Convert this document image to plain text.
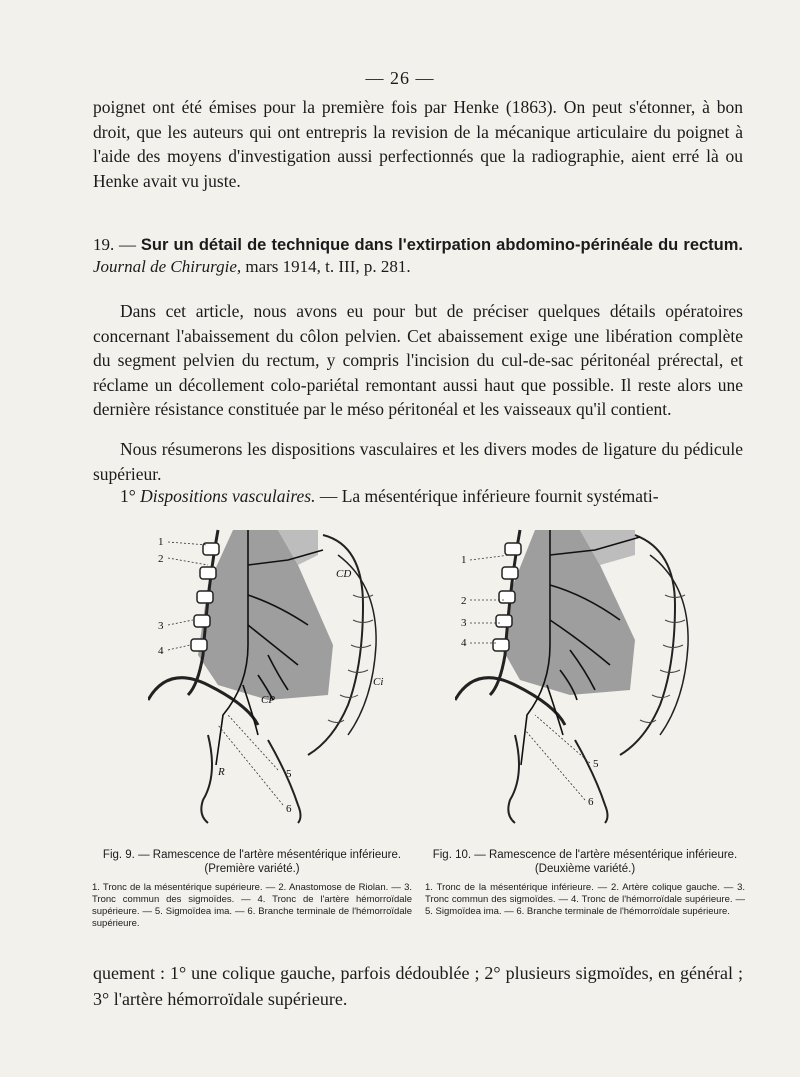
— 26 —

poignet ont été émises pour la première fois par Henke (1863). On peut s'étonner, à bon droit, que les auteurs qui ont entrepris la revision de la mécanique articulaire du poignet à l'aide des moyens d'investigation aussi perfectionnés que la radiographie, aient erré là ou Henke avait vu juste.

19. — Sur un détail de technique dans l'extirpation abdomino-périnéale du rectum. Journal de Chirurgie, mars 1914, t. III, p. 281.

Dans cet article, nous avons eu pour but de préciser quelques détails opératoires concernant l'abaissement du côlon pelvien. Cet abaissement exige une libération complète du segment pelvien du rectum, y compris l'incision du cul-de-sac péritonéal prérectal, et réclame un décollement colo-pariétal remontant aussi haut que possible. Il reste alors une dernière résistance constituée par le méso péritonéal et les vaisseaux qu'il contient.

Nous résumerons les dispositions vasculaires et les divers modes de ligature du pédicule supérieur.

1° Dispositions vasculaires. — La mésentérique inférieure fournit systémati-

1
2
3
4
5
6
CD
Ci
CP
R
1
2
3
4
5
6

Fig. 9. — Ramescence de l'artère mésentérique inférieure. (Première variété.)

1. Tronc de la mésentérique supérieure. — 2. Anastomose de Riolan. — 3. Tronc commun des sigmoïdes. — 4. Tronc de l'artère hémorroïdale supérieure. — 5. Sigmoïdea ima. — 6. Branche terminale de l'hémorroïdale supérieure.

Fig. 10. — Ramescence de l'artère mésentérique inférieure. (Deuxième variété.)

1. Tronc de la mésentérique inférieure. — 2. Artère colique gauche. — 3. Tronc commun des sigmoïdes. — 4. Tronc de l'hémorroïdale supérieure. — 5. Sigmoïdea ima. — 6. Branche terminale de l'hémorroïdale supérieure.

quement : 1° une colique gauche, parfois dédoublée ; 2° plusieurs sigmoïdes, en général ; 3° l'artère hémorroïdale supérieure.
